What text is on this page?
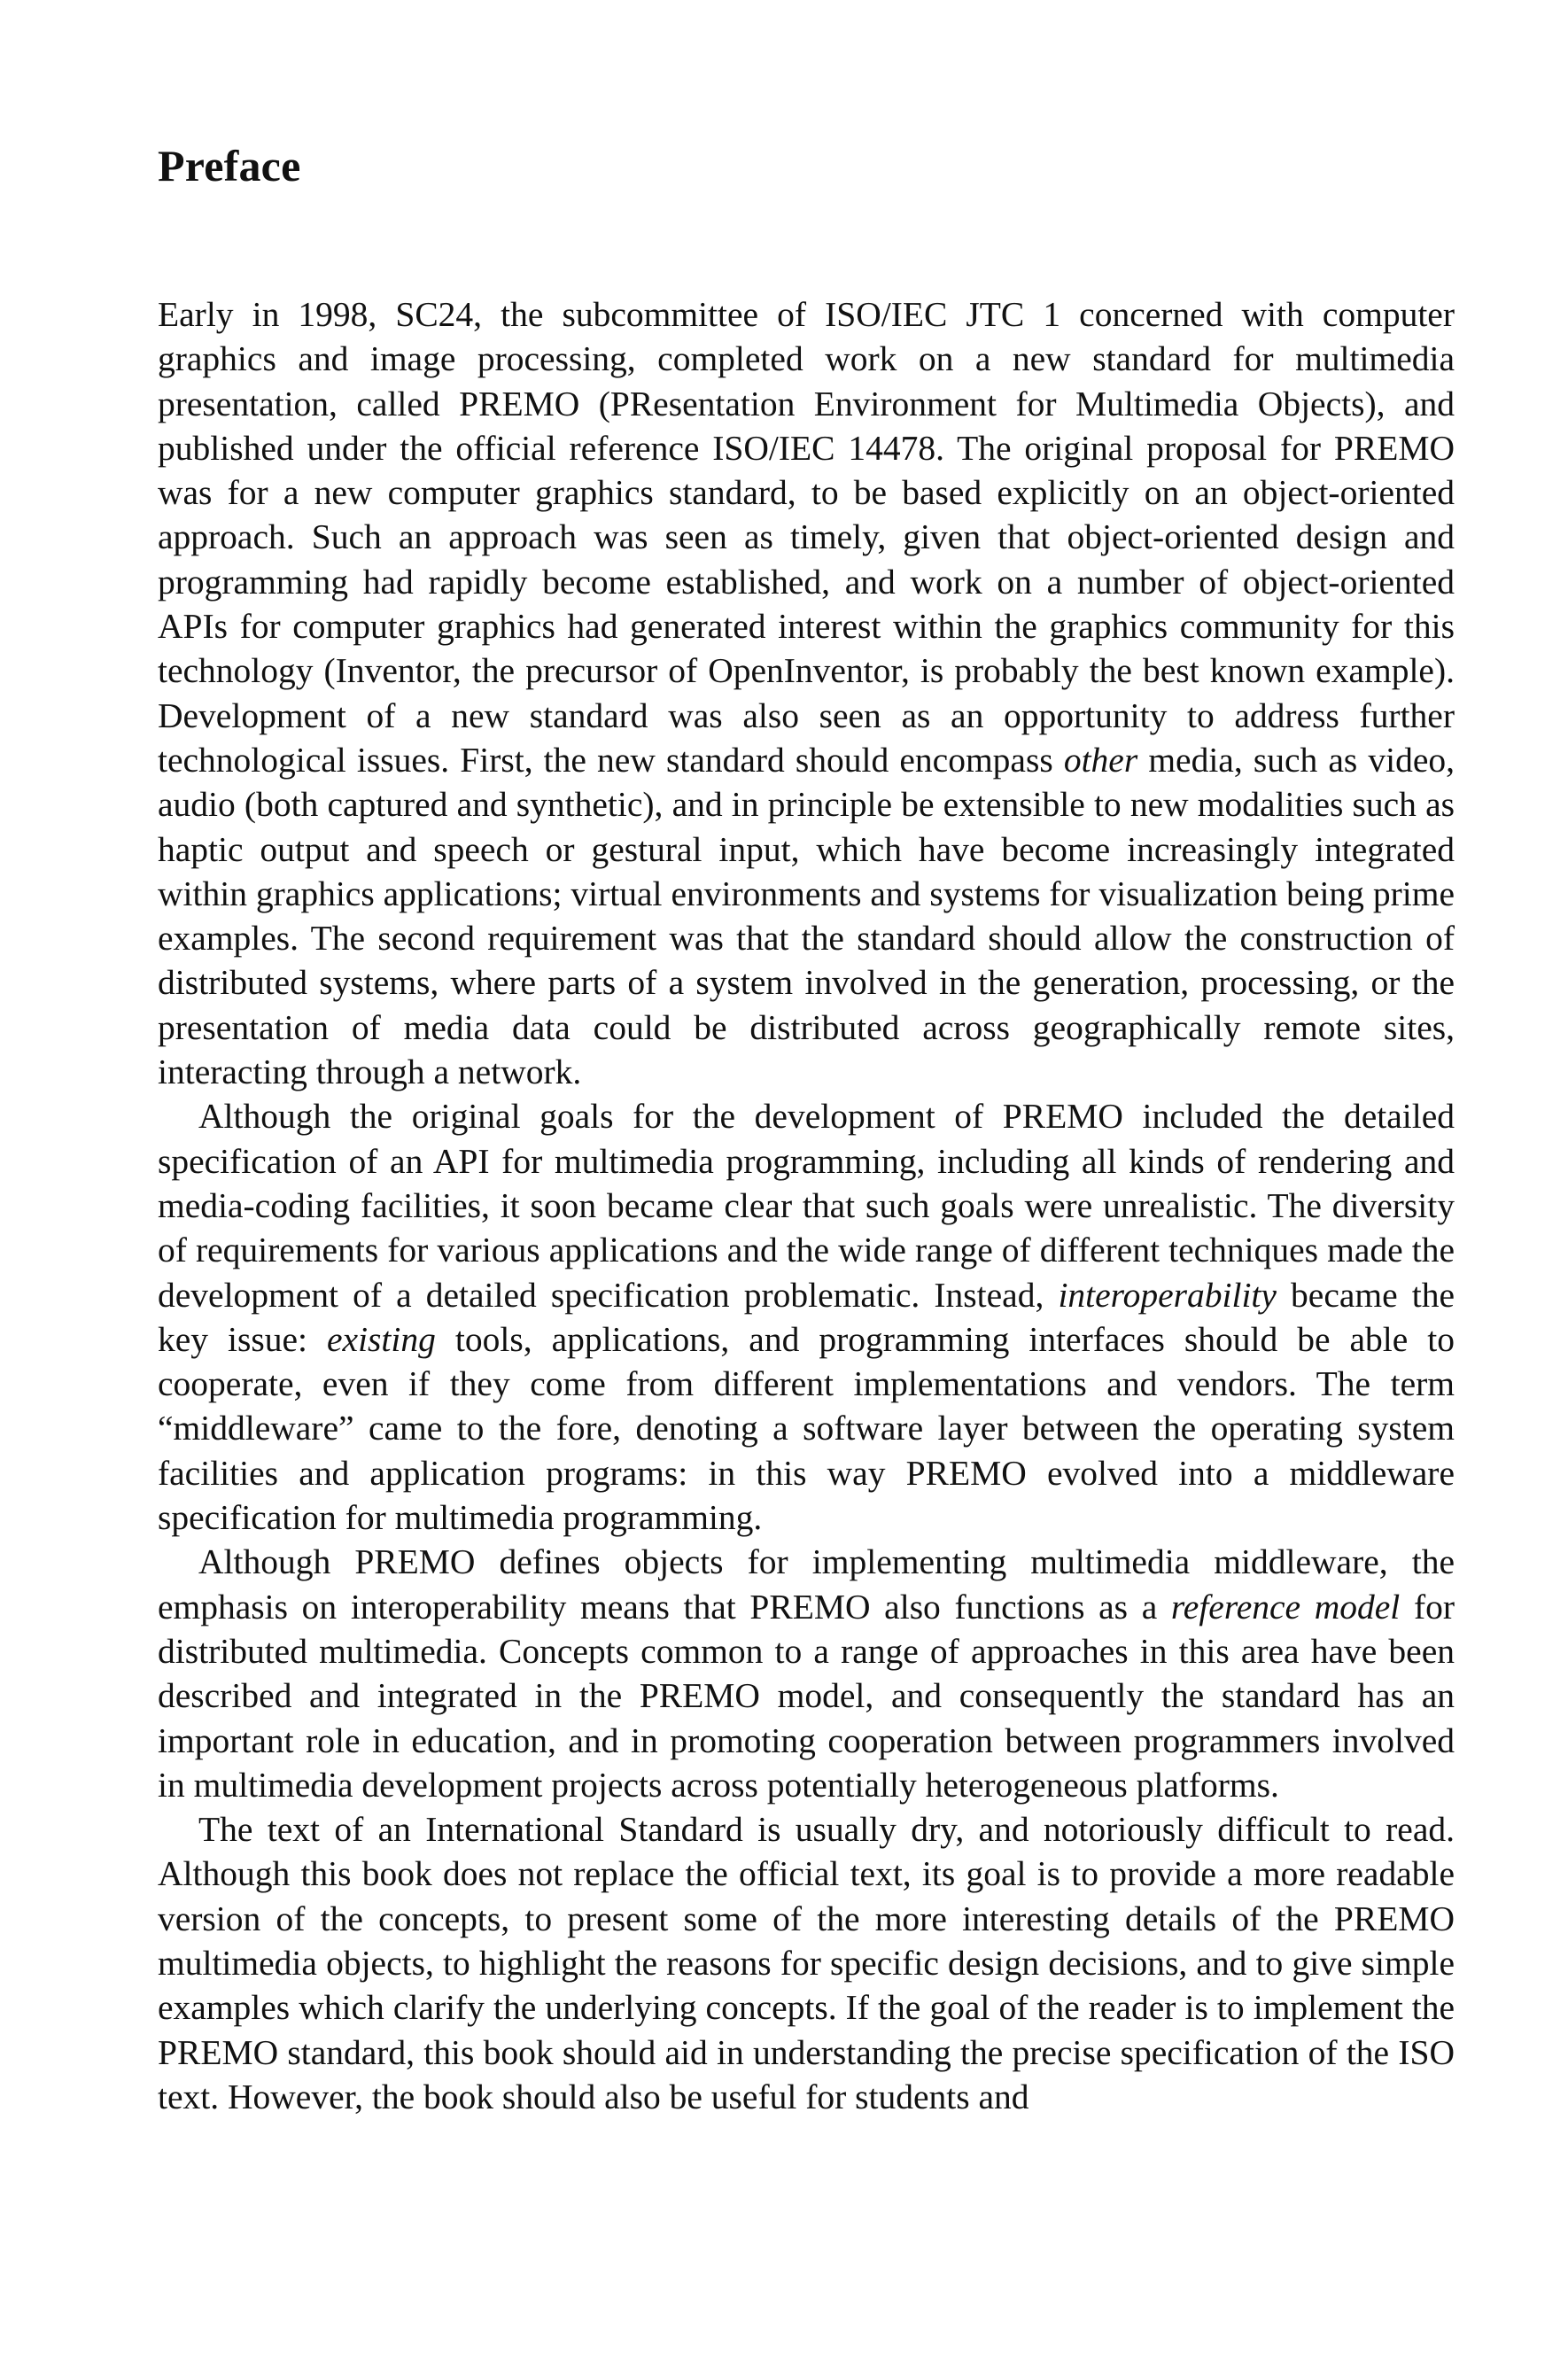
Preface

Early in 1998, SC24, the subcommittee of ISO/IEC JTC 1 concerned with computer graphics and image processing, completed work on a new standard for multimedia presentation, called PREMO (PResentation Environment for Multimedia Objects), and published under the official reference ISO/IEC 14478. The original proposal for PREMO was for a new computer graphics standard, to be based explicitly on an object-oriented approach. Such an approach was seen as timely, given that object-oriented design and programming had rapidly become established, and work on a number of object-oriented APIs for computer graphics had generated interest within the graphics community for this technology (Inventor, the precursor of OpenInventor, is probably the best known example). Development of a new standard was also seen as an opportunity to address further technological issues. First, the new standard should encompass other media, such as video, audio (both captured and synthetic), and in principle be extensible to new modalities such as haptic output and speech or gestural input, which have become increasingly integrated within graphics applications; virtual environments and systems for visualization being prime examples. The second requirement was that the standard should allow the construction of distributed systems, where parts of a system involved in the generation, processing, or the presentation of media data could be distributed across geographically remote sites, interacting through a network.

Although the original goals for the development of PREMO included the detailed specification of an API for multimedia programming, including all kinds of rendering and media-coding facilities, it soon became clear that such goals were unrealistic. The diversity of requirements for various applications and the wide range of different techniques made the development of a detailed specification problematic. Instead, interoperability became the key issue: existing tools, applications, and programming interfaces should be able to cooperate, even if they come from different implementations and vendors. The term “middleware” came to the fore, denoting a software layer between the operating system facilities and application programs: in this way PREMO evolved into a middleware specification for multimedia programming.

Although PREMO defines objects for implementing multimedia middleware, the emphasis on interoperability means that PREMO also functions as a reference model for distributed multimedia. Concepts common to a range of approaches in this area have been described and integrated in the PREMO model, and consequently the standard has an important role in education, and in promoting cooperation between programmers involved in multimedia development projects across potentially heterogeneous platforms.

The text of an International Standard is usually dry, and notoriously difficult to read. Although this book does not replace the official text, its goal is to provide a more readable version of the concepts, to present some of the more interesting details of the PREMO multimedia objects, to highlight the reasons for specific design decisions, and to give simple examples which clarify the underlying concepts. If the goal of the reader is to implement the PREMO standard, this book should aid in understanding the precise specification of the ISO text. However, the book should also be useful for students and
